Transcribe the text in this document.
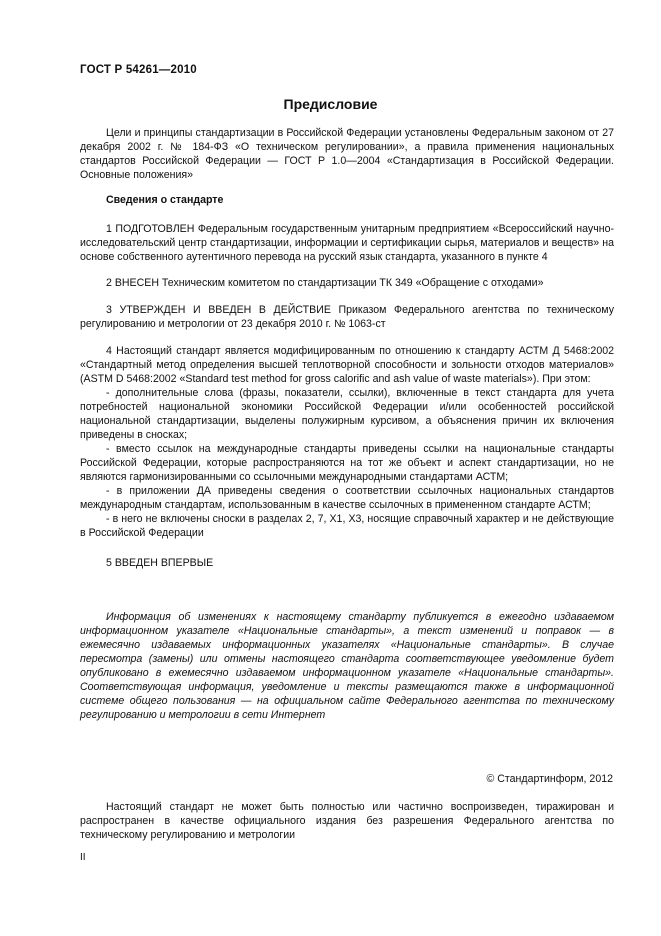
ГОСТ Р 54261—2010
Предисловие

Цели и принципы стандартизации в Российской Федерации установлены Федеральным законом от 27 декабря 2002 г. № 184-ФЗ «О техническом регулировании», а правила применения национальных стандартов Российской Федерации — ГОСТ Р 1.0—2004 «Стандартизация в Российской Федерации. Основные положения»

Сведения о стандарте

1 ПОДГОТОВЛЕН Федеральным государственным унитарным предприятием «Всероссийский научно-исследовательский центр стандартизации, информации и сертификации сырья, материалов и веществ» на основе собственного аутентичного перевода на русский язык стандарта, указанного в пункте 4

2 ВНЕСЕН Техническим комитетом по стандартизации ТК 349 «Обращение с отходами»

3 УТВЕРЖДЕН И ВВЕДЕН В ДЕЙСТВИЕ Приказом Федерального агентства по техническому регулированию и метрологии от 23 декабря 2010 г. № 1063-ст

4 Настоящий стандарт является модифицированным по отношению к стандарту АСТМ Д 5468:2002 «Стандартный метод определения высшей теплотворной способности и зольности отходов материалов» (ASTM D 5468:2002 «Standard test method for gross calorific and ash value of waste materials»). При этом:

- дополнительные слова (фразы, показатели, ссылки), включенные в текст стандарта для учета потребностей национальной экономики Российской Федерации и/или особенностей российской национальной стандартизации, выделены полужирным курсивом, а объяснения причин их включения приведены в сносках;

- вместо ссылок на международные стандарты приведены ссылки на национальные стандарты Российской Федерации, которые распространяются на тот же объект и аспект стандартизации, но не являются гармонизированными со ссылочными международными стандартами АСТМ;

- в приложении ДА приведены сведения о соответствии ссылочных национальных стандартов международным стандартам, использованным в качестве ссылочных в примененном стандарте АСТМ;

- в него не включены сноски в разделах 2, 7, Х1, Х3, носящие справочный характер и не действующие в Российской Федерации

5 ВВЕДЕН ВПЕРВЫЕ

Информация об изменениях к настоящему стандарту публикуется в ежегодно издаваемом информационном указателе «Национальные стандарты», а текст изменений и поправок — в ежемесячно издаваемых информационных указателях «Национальные стандарты». В случае пересмотра (замены) или отмены настоящего стандарта соответствующее уведомление будет опубликовано в ежемесячно издаваемом информационном указателе «Национальные стандарты». Соответствующая информация, уведомление и тексты размещаются также в информационной системе общего пользования — на официальном сайте Федерального агентства по техническому регулированию и метрологии в сети Интернет

© Стандартинформ, 2012

Настоящий стандарт не может быть полностью или частично воспроизведен, тиражирован и распространен в качестве официального издания без разрешения Федерального агентства по техническому регулированию и метрологии

II
